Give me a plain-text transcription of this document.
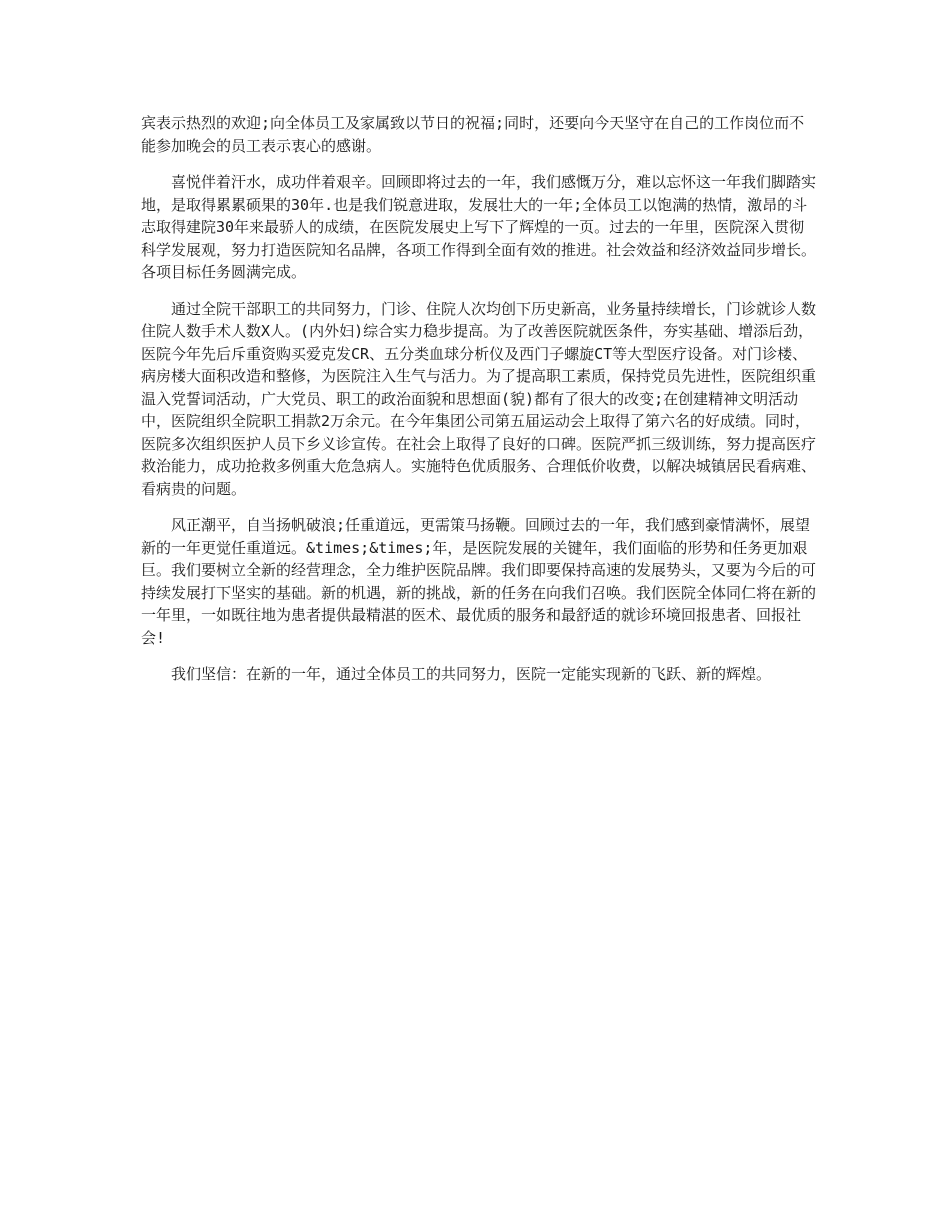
宾表示热烈的欢迎;向全体员工及家属致以节日的祝福;同时，还要向今天坚守在自己的工作岗位而不能参加晚会的员工表示衷心的感谢。

喜悦伴着汗水，成功伴着艰辛。回顾即将过去的一年，我们感慨万分，难以忘怀这一年我们脚踏实地，是取得累累硕果的30年.也是我们锐意进取，发展壮大的一年;全体员工以饱满的热情，激昂的斗志取得建院30年来最骄人的成绩，在医院发展史上写下了辉煌的一页。过去的一年里，医院深入贯彻科学发展观，努力打造医院知名品牌，各项工作得到全面有效的推进。社会效益和经济效益同步增长。各项目标任务圆满完成。

通过全院干部职工的共同努力，门诊、住院人次均创下历史新高，业务量持续增长，门诊就诊人数住院人数手术人数X人。(内外妇)综合实力稳步提高。为了改善医院就医条件，夯实基础、增添后劲，医院今年先后斥重资购买爱克发CR、五分类血球分析仪及西门子螺旋CT等大型医疗设备。对门诊楼、病房楼大面积改造和整修，为医院注入生气与活力。为了提高职工素质，保持党员先进性，医院组织重温入党誓词活动，广大党员、职工的政治面貌和思想面(貌)都有了很大的改变;在创建精神文明活动中，医院组织全院职工捐款2万余元。在今年集团公司第五届运动会上取得了第六名的好成绩。同时，医院多次组织医护人员下乡义诊宣传。在社会上取得了良好的口碑。医院严抓三级训练，努力提高医疗救治能力，成功抢救多例重大危急病人。实施特色优质服务、合理低价收费，以解决城镇居民看病难、看病贵的问题。

风正潮平，自当扬帆破浪;任重道远，更需策马扬鞭。回顾过去的一年，我们感到豪情满怀，展望新的一年更觉任重道远。&times;&times;年，是医院发展的关键年，我们面临的形势和任务更加艰巨。我们要树立全新的经营理念，全力维护医院品牌。我们即要保持高速的发展势头，又要为今后的可持续发展打下坚实的基础。新的机遇，新的挑战，新的任务在向我们召唤。我们医院全体同仁将在新的一年里，一如既往地为患者提供最精湛的医术、最优质的服务和最舒适的就诊环境回报患者、回报社会!

我们坚信：在新的一年，通过全体员工的共同努力，医院一定能实现新的飞跃、新的辉煌。
